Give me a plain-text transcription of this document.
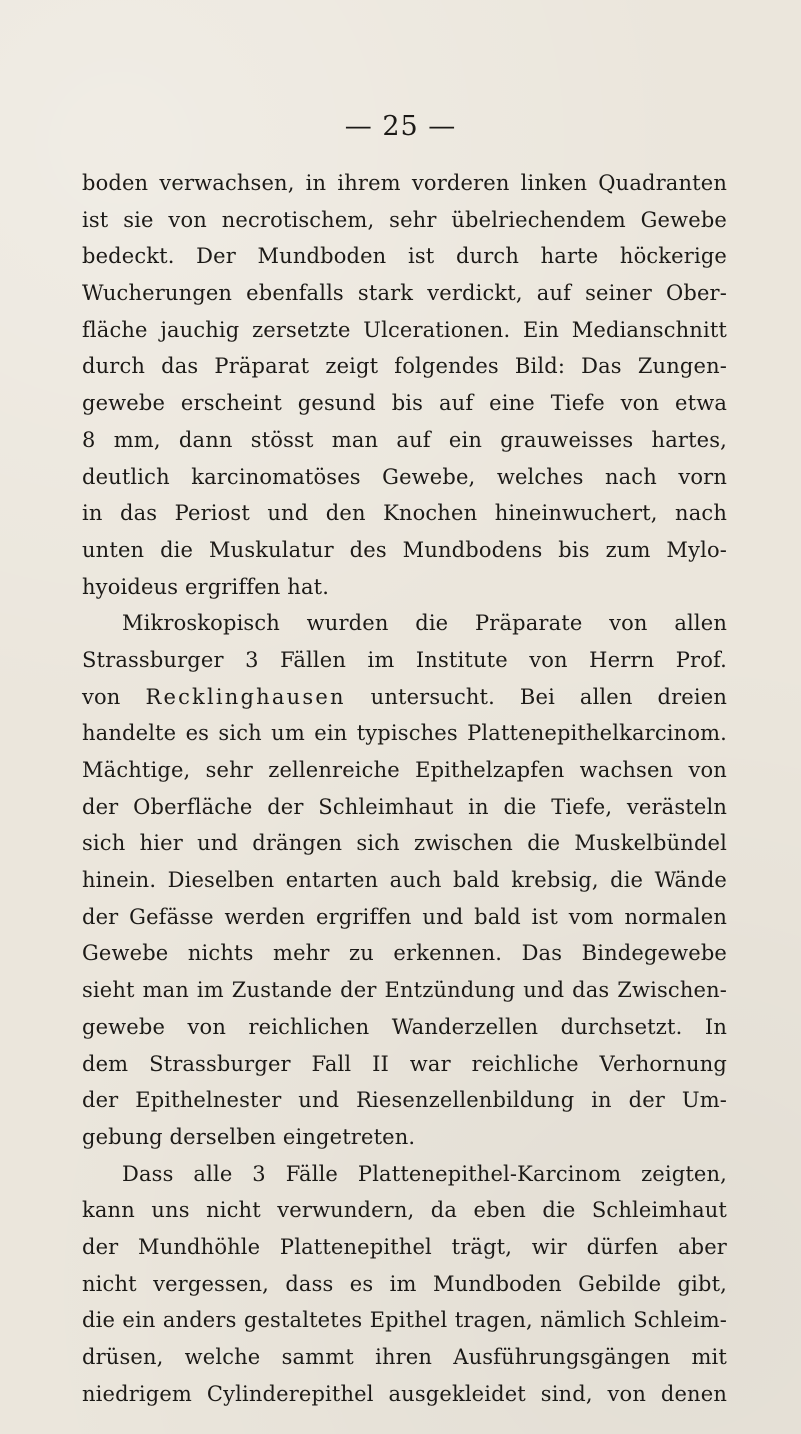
— 25 —
boden verwachsen, in ihrem vorderen linken Quadranten
ist sie von necrotischem, sehr übelriechendem Gewebe
bedeckt. Der Mundboden ist durch harte höckerige
Wucherungen ebenfalls stark verdickt, auf seiner Ober-
fläche jauchig zersetzte Ulcerationen. Ein Medianschnitt
durch das Präparat zeigt folgendes Bild: Das Zungen-
gewebe erscheint gesund bis auf eine Tiefe von etwa
8 mm, dann stösst man auf ein grauweisses hartes,
deutlich karcinomatöses Gewebe, welches nach vorn
in das Periost und den Knochen hineinwuchert, nach
unten die Muskulatur des Mundbodens bis zum Mylo-
hyoideus ergriffen hat.
Mikroskopisch wurden die Präparate von allen
Strassburger 3 Fällen im Institute von Herrn Prof.
von Recklinghausen untersucht. Bei allen dreien
handelte es sich um ein typisches Plattenepithelkarcinom.
Mächtige, sehr zellenreiche Epithelzapfen wachsen von
der Oberfläche der Schleimhaut in die Tiefe, verästeln
sich hier und drängen sich zwischen die Muskelbündel
hinein. Dieselben entarten auch bald krebsig, die Wände
der Gefässe werden ergriffen und bald ist vom normalen
Gewebe nichts mehr zu erkennen. Das Bindegewebe
sieht man im Zustande der Entzündung und das Zwischen-
gewebe von reichlichen Wanderzellen durchsetzt. In
dem Strassburger Fall II war reichliche Verhornung
der Epithelnester und Riesenzellenbildung in der Um-
gebung derselben eingetreten.
Dass alle 3 Fälle Plattenepithel-Karcinom zeigten,
kann uns nicht verwundern, da eben die Schleimhaut
der Mundhöhle Plattenepithel trägt, wir dürfen aber
nicht vergessen, dass es im Mundboden Gebilde gibt,
die ein anders gestaltetes Epithel tragen, nämlich Schleim-
drüsen, welche sammt ihren Ausführungsgängen mit
niedrigem Cylinderepithel ausgekleidet sind, von denen
